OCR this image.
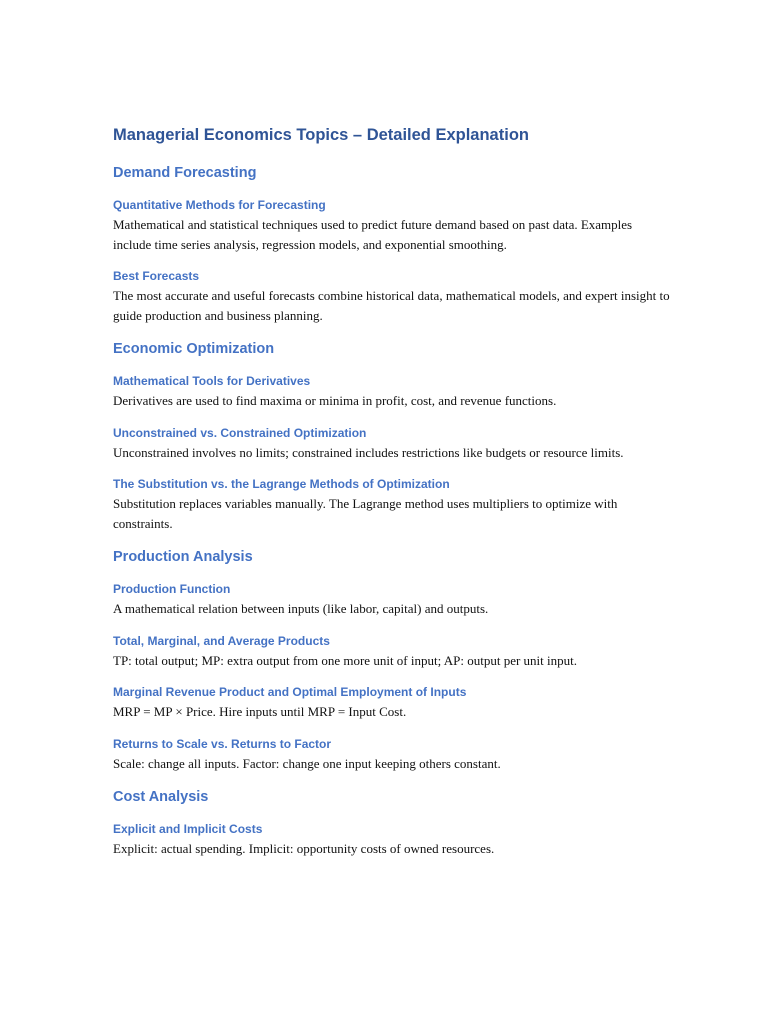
Managerial Economics Topics – Detailed Explanation
Demand Forecasting
Quantitative Methods for Forecasting
Mathematical and statistical techniques used to predict future demand based on past data. Examples include time series analysis, regression models, and exponential smoothing.
Best Forecasts
The most accurate and useful forecasts combine historical data, mathematical models, and expert insight to guide production and business planning.
Economic Optimization
Mathematical Tools for Derivatives
Derivatives are used to find maxima or minima in profit, cost, and revenue functions.
Unconstrained vs. Constrained Optimization
Unconstrained involves no limits; constrained includes restrictions like budgets or resource limits.
The Substitution vs. the Lagrange Methods of Optimization
Substitution replaces variables manually. The Lagrange method uses multipliers to optimize with constraints.
Production Analysis
Production Function
A mathematical relation between inputs (like labor, capital) and outputs.
Total, Marginal, and Average Products
TP: total output; MP: extra output from one more unit of input; AP: output per unit input.
Marginal Revenue Product and Optimal Employment of Inputs
MRP = MP × Price. Hire inputs until MRP = Input Cost.
Returns to Scale vs. Returns to Factor
Scale: change all inputs. Factor: change one input keeping others constant.
Cost Analysis
Explicit and Implicit Costs
Explicit: actual spending. Implicit: opportunity costs of owned resources.
